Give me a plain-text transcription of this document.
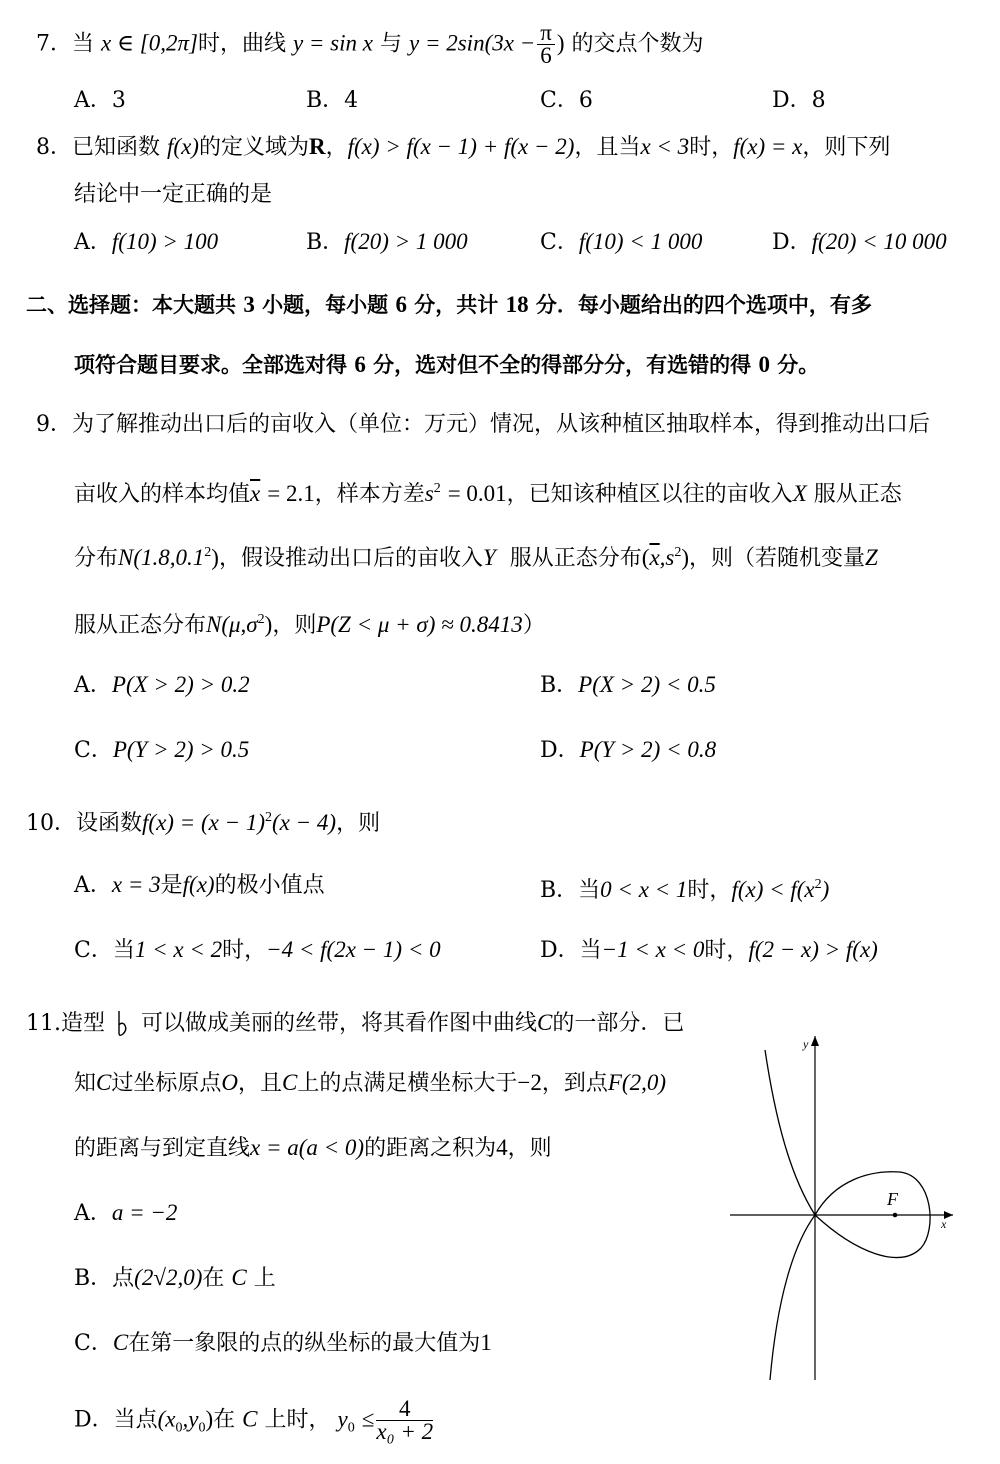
7．当 x ∈ [0,2π]时，曲线 y = sin x 与 $y = 2\sin(3x - \frac{\pi}{6}$ ) 的交点个数为
A．3	B．4	C．6	D．8
8．已知函数 f(x)的定义域为R，f(x) > f(x − 1) + f(x − 2)，且当x < 3时，f(x) = x，则下列
结论中一定正确的是
A．f(10) > 100	B．f(20) > 1 000	C．f(10) < 1 000	D．f(20) < 10 000
二、选择题：本大题共 3 小题，每小题 6 分，共计 18 分．每小题给出的四个选项中，有多
项符合题目要求。全部选对得 6 分，选对但不全的得部分分，有选错的得 0 分。
9．为了解推动出口后的亩收入（单位：万元）情况，从该种植区抽取样本，得到推动出口后
亩收入的样本均值$\overline{x} = 2.1$，样本方差$s^2 = 0.01$，已知该种植区以往的亩收入X 服从正态
分布N(1.8,0.1$^2$)，假设推动出口后的亩收入Y 服从正态分布$(\overline{x},s^2)$，则（若随机变量Z
服从正态分布$N(\mu,\sigma^2)$，则P(Z < μ + σ) ≈ 0.8413）
A．P(X > 2) > 0.2	B．P(X > 2) < 0.5
C．P(Y > 2) > 0.5	D．P(Y > 2) < 0.8
10．设函数$f(x) = (x - 1)^2(x - 4)$，则
A．x = 3是f(x)的极小值点	B．当0 < x < 1时，$f(x) < f(x^2)$
C．当1 < x < 2时，−4 < f(2x − 1) < 0	D．当−1 < x < 0时，f(2 − x) > f(x)
11.造型 可以做成美丽的丝带，将其看作图中曲线C的一部分．已
知C过坐标原点O，且C上的点满足横坐标大于−2，到点F(2,0)
的距离与到定直线x = a(a < 0)的距离之积为4，则
A．a = −2
B．点(2√2,0)在 C 上
C．C在第一象限的点的纵坐标的最大值为1
D．当点$(x_0,y_0)$在 C 上时， $y_0 \le \frac{4}{\text{x₀ + 2}}$
x
y
F
